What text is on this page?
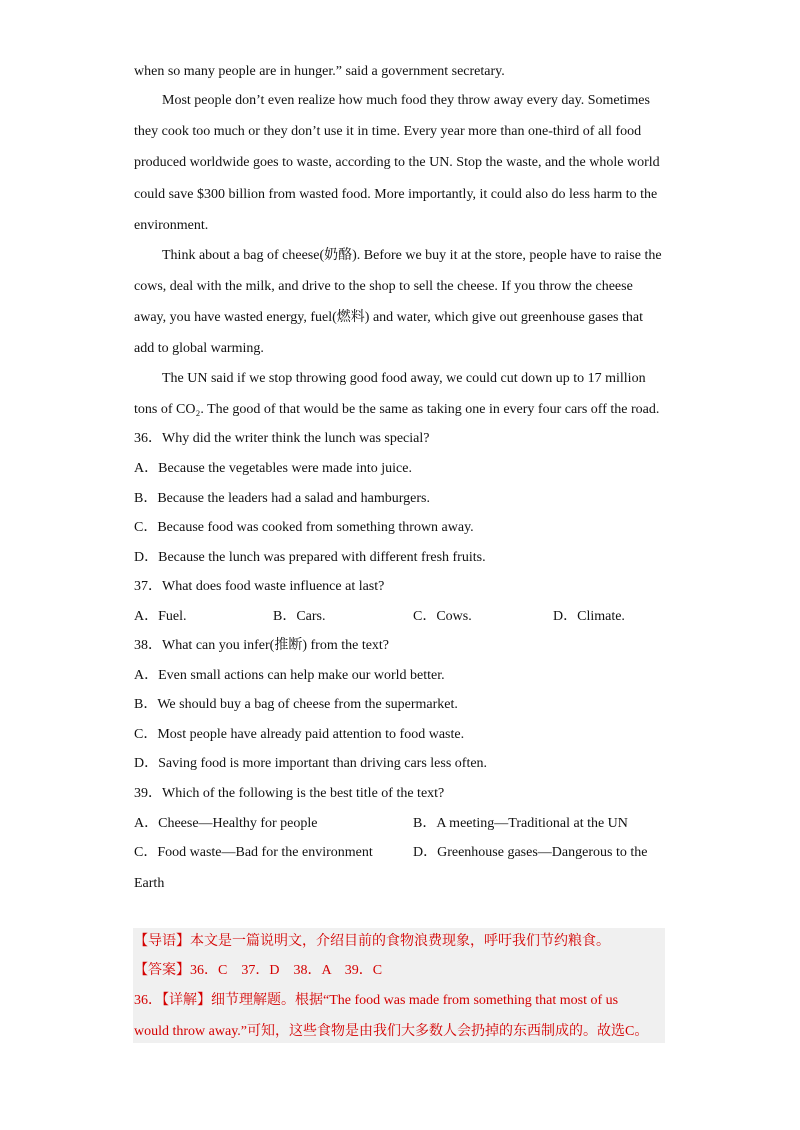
when so many people are in hunger.” said a government secretary.
Most people don’t even realize how much food they throw away every day. Sometimes
they cook too much or they don’t use it in time. Every year more than one-third of all food
produced worldwide goes to waste, according to the UN. Stop the waste, and the whole world
could save $300 billion from wasted food. More importantly, it could also do less harm to the
environment.
Think about a bag of cheese(奶酪). Before we buy it at the store, people have to raise the
cows, deal with the milk, and drive to the shop to sell the cheese. If you throw the cheese
away, you have wasted energy, fuel(燃料) and water, which give out greenhouse gases that
add to global warming.
The UN said if we stop throwing good food away, we could cut down up to 17 million
tons of CO₂. The good of that would be the same as taking one in every four cars off the road.
36．Why did the writer think the lunch was special?
A．Because the vegetables were made into juice.
B．Because the leaders had a salad and hamburgers.
C．Because food was cooked from something thrown away.
D．Because the lunch was prepared with different fresh fruits.
37．What does food waste influence at last?
A．Fuel.	B．Cars.	C．Cows.	D．Climate.
38．What can you infer(推断) from the text?
A．Even small actions can help make our world better.
B．We should buy a bag of cheese from the supermarket.
C．Most people have already paid attention to food waste.
D．Saving food is more important than driving cars less often.
39．Which of the following is the best title of the text?
A．Cheese—Healthy for people	B．A meeting—Traditional at the UN
C．Food waste—Bad for the environment	D．Greenhouse gases—Dangerous to the
Earth
【导语】本文是一篇说明文，介绍目前的食物浪费现象，呼吁我们节约粮食。
【答案】36．C　37．D　38．A　39．C
36．【详解】细节理解题。根据“The food was made from something that most of us
would throw away.”可知，这些食物是由我们大多数人会扔掉的东西制成的。故选C。
